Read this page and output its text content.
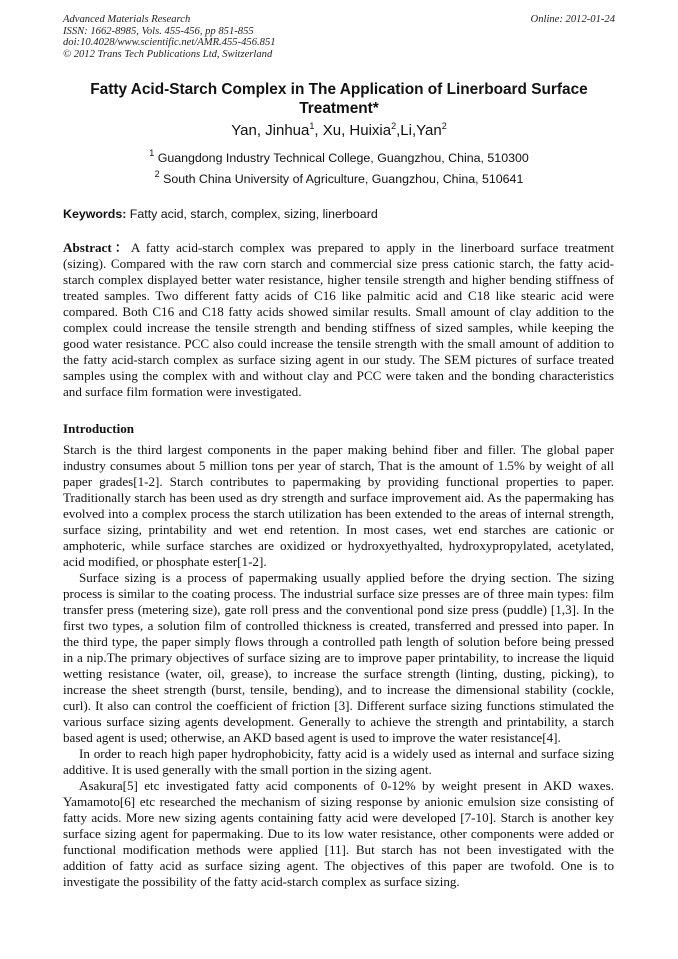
Advanced Materials Research
ISSN: 1662-8985, Vols. 455-456, pp 851-855
doi:10.4028/www.scientific.net/AMR.455-456.851
© 2012 Trans Tech Publications Ltd, Switzerland
Online: 2012-01-24
Fatty Acid-Starch Complex in The Application of Linerboard Surface Treatment*
Yan, Jinhua$^1$, Xu, Huixia$^2$,Li,Yan$^2$
$^1$ Guangdong Industry Technical College, Guangzhou, China, 510300
$^2$ South China University of Agriculture, Guangzhou, China, 510641
Keywords: Fatty acid, starch, complex, sizing, linerboard
Abstract：A fatty acid-starch complex was prepared to apply in the linerboard surface treatment (sizing). Compared with the raw corn starch and commercial size press cationic starch, the fatty acid-starch complex displayed better water resistance, higher tensile strength and higher bending stiffness of treated samples. Two different fatty acids of C16 like palmitic acid and C18 like stearic acid were compared. Both C16 and C18 fatty acids showed similar results. Small amount of clay addition to the complex could increase the tensile strength and bending stiffness of sized samples, while keeping the good water resistance. PCC also could increase the tensile strength with the small amount of addition to the fatty acid-starch complex as surface sizing agent in our study. The SEM pictures of surface treated samples using the complex with and without clay and PCC were taken and the bonding characteristics and surface film formation were investigated.
Introduction

Starch is the third largest components in the paper making behind fiber and filler. The global paper industry consumes about 5 million tons per year of starch, That is the amount of 1.5% by weight of all paper grades[1-2]. Starch contributes to papermaking by providing functional properties to paper. Traditionally starch has been used as dry strength and surface improvement aid. As the papermaking has evolved into a complex process the starch utilization has been extended to the areas of internal strength, surface sizing, printability and wet end retention. In most cases, wet end starches are cationic or amphoteric, while surface starches are oxidized or hydroxyethyalted, hydroxypropylated, acetylated, acid modified, or phosphate ester[1-2].

Surface sizing is a process of papermaking usually applied before the drying section. The sizing process is similar to the coating process. The industrial surface size presses are of three main types: film transfer press (metering size), gate roll press and the conventional pond size press (puddle) [1,3]. In the first two types, a solution film of controlled thickness is created, transferred and pressed into paper. In the third type, the paper simply flows through a controlled path length of solution before being pressed in a nip.The primary objectives of surface sizing are to improve paper printability, to increase the liquid wetting resistance (water, oil, grease), to increase the surface strength (linting, dusting, picking), to increase the sheet strength (burst, tensile, bending), and to increase the dimensional stability (cockle, curl). It also can control the coefficient of friction [3]. Different surface sizing functions stimulated the various surface sizing agents development. Generally to achieve the strength and printability, a starch based agent is used; otherwise, an AKD based agent is used to improve the water resistance[4].

In order to reach high paper hydrophobicity, fatty acid is a widely used as internal and surface sizing additive. It is used generally with the small portion in the sizing agent.

Asakura[5] etc investigated fatty acid components of 0-12% by weight present in AKD waxes. Yamamoto[6] etc researched the mechanism of sizing response by anionic emulsion size consisting of fatty acids. More new sizing agents containing fatty acid were developed [7-10]. Starch is another key surface sizing agent for papermaking. Due to its low water resistance, other components were added or functional modification methods were applied [11]. But starch has not been investigated with the addition of fatty acid as surface sizing agent. The objectives of this paper are twofold. One is to investigate the possibility of the fatty acid-starch complex as surface sizing.
